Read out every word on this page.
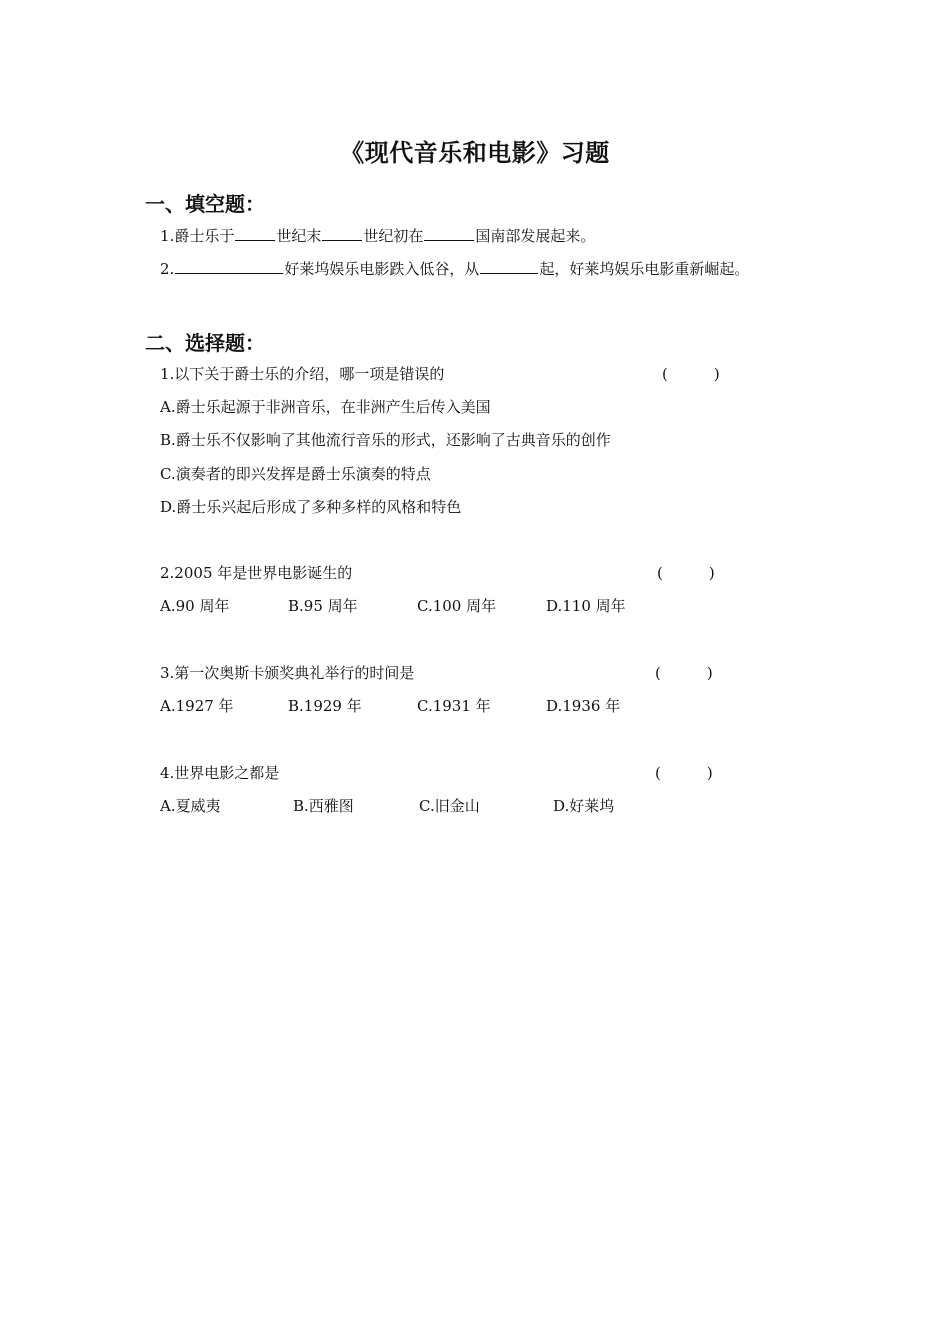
《现代音乐和电影》习题
一、填空题：
1.爵士乐于	世纪末	世纪初在	国南部发展起来。
2.	好莱坞娱乐电影跌入低谷，从	起，好莱坞娱乐电影重新崛起。
二、选择题：
1.以下关于爵士乐的介绍，哪一项是错误的	(	)
A.爵士乐起源于非洲音乐，在非洲产生后传入美国
B.爵士乐不仅影响了其他流行音乐的形式，还影响了古典音乐的创作
C.演奏者的即兴发挥是爵士乐演奏的特点
D.爵士乐兴起后形成了多种多样的风格和特色
2.2005 年是世界电影诞生的	(	)
A.90 周年	B.95 周年	C.100 周年	D.110 周年
3.第一次奥斯卡颁奖典礼举行的时间是	(	)
A.1927 年	B.1929 年	C.1931 年	D.1936 年
4.世界电影之都是	(	)
A.夏威夷	B.西雅图	C.旧金山	D.好莱坞
